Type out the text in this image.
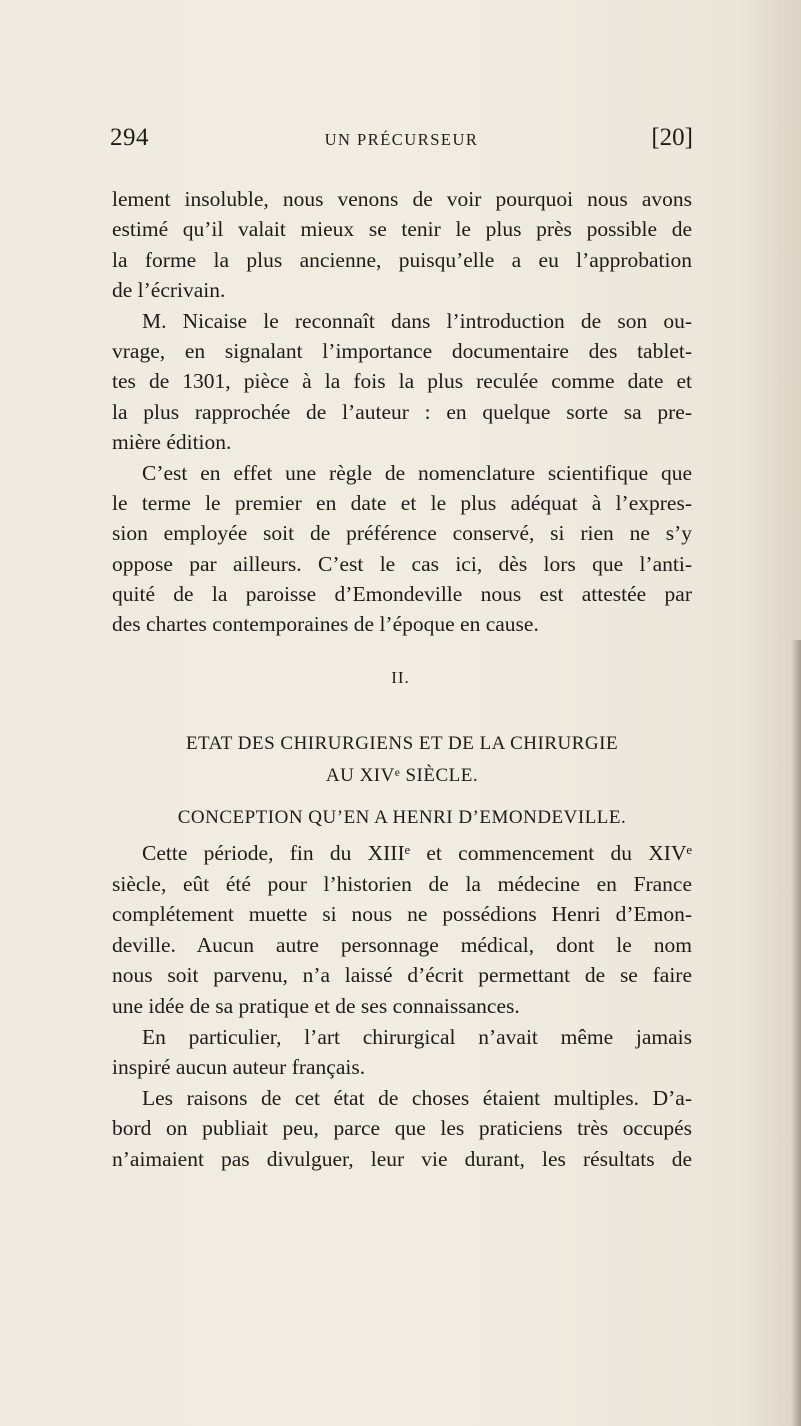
294	UN PRÉCURSEUR	[20]
lement insoluble, nous venons de voir pourquoi nous avons
estimé qu’il valait mieux se tenir le plus près possible de
la forme la plus ancienne, puisqu’elle a eu l’approbation
de l’écrivain.
M. Nicaise le reconnaît dans l’introduction de son ou-
vrage, en signalant l’importance documentaire des tablet-
tes de 1301, pièce à la fois la plus reculée comme date et
la plus rapprochée de l’auteur : en quelque sorte sa pre-
mière édition.
C’est en effet une règle de nomenclature scientifique que
le terme le premier en date et le plus adéquat à l’expres-
sion employée soit de préférence conservé, si rien ne s’y
oppose par ailleurs. C’est le cas ici, dès lors que l’anti-
quité de la paroisse d’Emondeville nous est attestée par
des chartes contemporaines de l’époque en cause.
II.
ETAT DES CHIRURGIENS ET DE LA CHIRURGIE
AU XIVᵉ SIÈCLE.
CONCEPTION QU’EN A HENRI D’EMONDEVILLE.
Cette période, fin du XIIIᵉ et commencement du XIVᵉ
siècle, eût été pour l’historien de la médecine en France
complétement muette si nous ne possédions Henri d’Emon-
deville. Aucun autre personnage médical, dont le nom
nous soit parvenu, n’a laissé d’écrit permettant de se faire
une idée de sa pratique et de ses connaissances.
En particulier, l’art chirurgical n’avait même jamais
inspiré aucun auteur français.
Les raisons de cet état de choses étaient multiples. D’a-
bord on publiait peu, parce que les praticiens très occupés
n’aimaient pas divulguer, leur vie durant, les résultats de
